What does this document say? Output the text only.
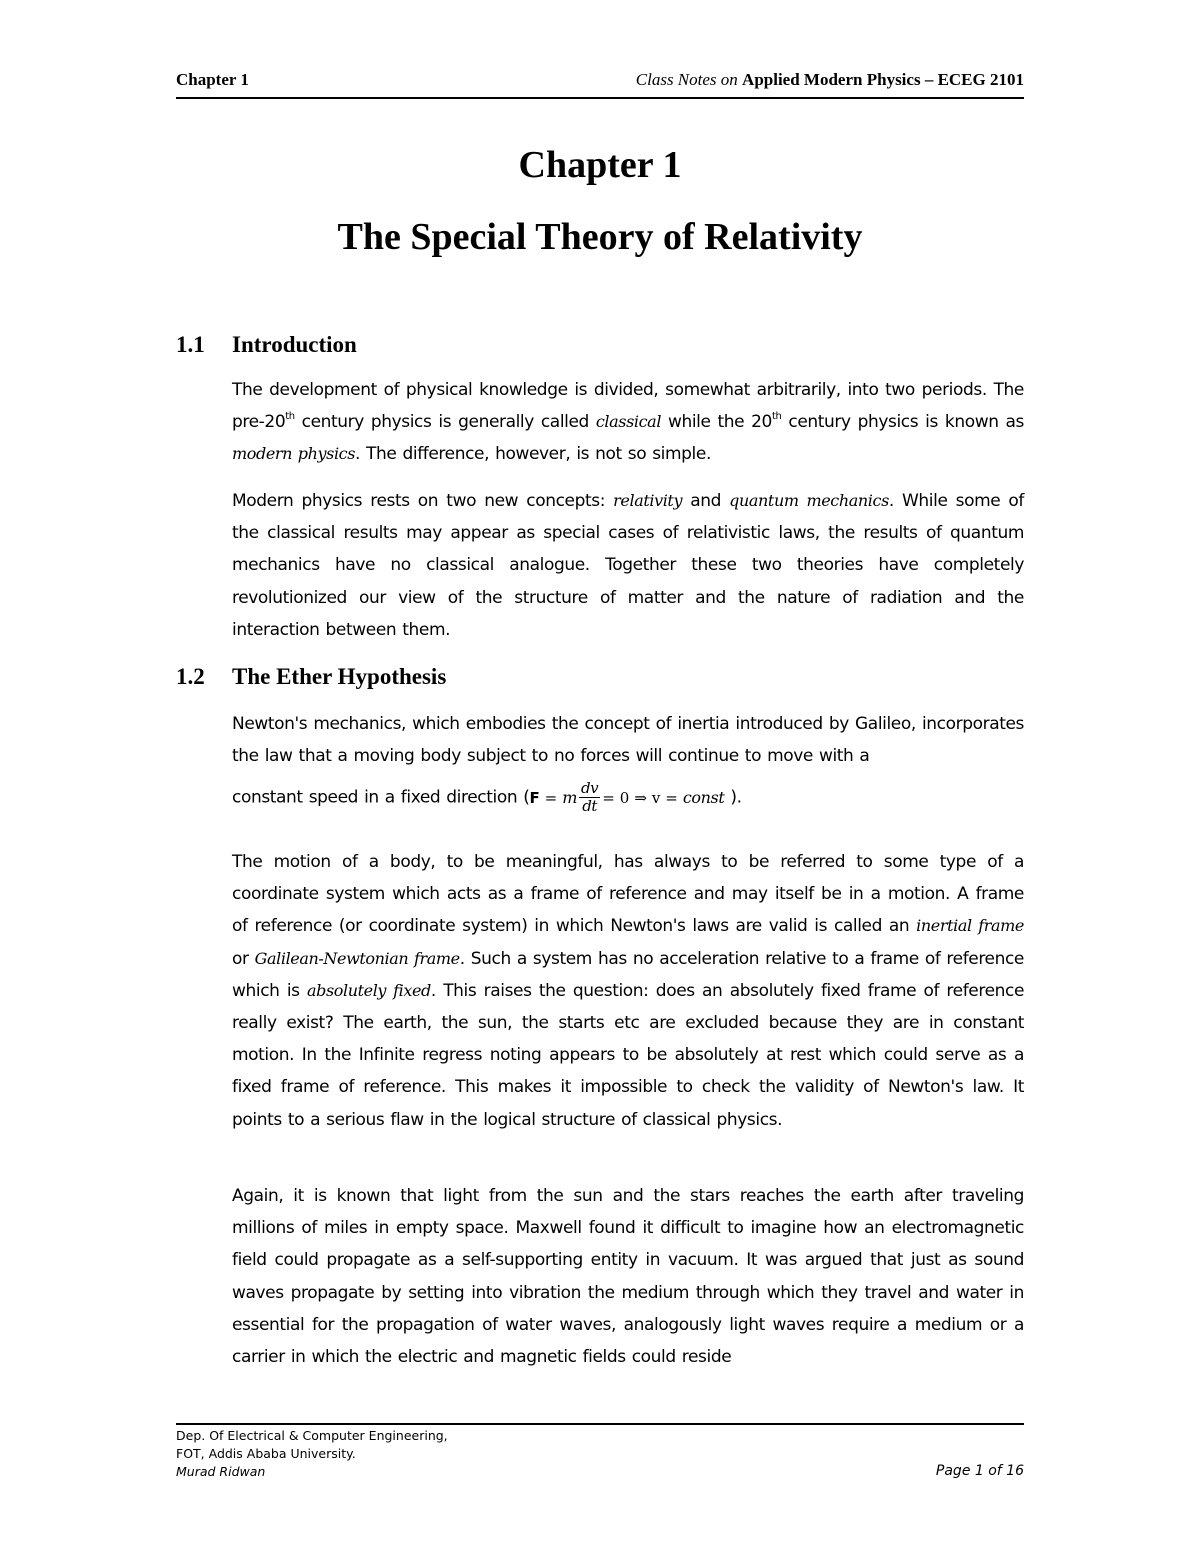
Chapter 1	Class Notes on Applied Modern Physics – ECEG 2101
Chapter 1
The Special Theory of Relativity
1.1 Introduction
The development of physical knowledge is divided, somewhat arbitrarily, into two periods. The pre-20th century physics is generally called classical while the 20th century physics is known as modern physics. The difference, however, is not so simple.
Modern physics rests on two new concepts: relativity and quantum mechanics. While some of the classical results may appear as special cases of relativistic laws, the results of quantum mechanics have no classical analogue. Together these two theories have completely revolutionized our view of the structure of matter and the nature of radiation and the interaction between them.
1.2 The Ether Hypothesis
Newton's mechanics, which embodies the concept of inertia introduced by Galileo, incorporates the law that a moving body subject to no forces will continue to move with a
constant speed in a fixed direction (F = m $\frac{dv}{dt} = 0$ ⇒ v = const ).
The motion of a body, to be meaningful, has always to be referred to some type of a coordinate system which acts as a frame of reference and may itself be in a motion. A frame of reference (or coordinate system) in which Newton's laws are valid is called an inertial frame or Galilean-Newtonian frame. Such a system has no acceleration relative to a frame of reference which is absolutely fixed. This raises the question: does an absolutely fixed frame of reference really exist? The earth, the sun, the starts etc are excluded because they are in constant motion. In the Infinite regress noting appears to be absolutely at rest which could serve as a fixed frame of reference. This makes it impossible to check the validity of Newton's law. It points to a serious flaw in the logical structure of classical physics.
Again, it is known that light from the sun and the stars reaches the earth after traveling millions of miles in empty space. Maxwell found it difficult to imagine how an electromagnetic field could propagate as a self-supporting entity in vacuum. It was argued that just as sound waves propagate by setting into vibration the medium through which they travel and water in essential for the propagation of water waves, analogously light waves require a medium or a carrier in which the electric and magnetic fields could reside
Dep. Of Electrical & Computer Engineering,
FOT, Addis Ababa University.
Murad Ridwan	Page 1 of 16
